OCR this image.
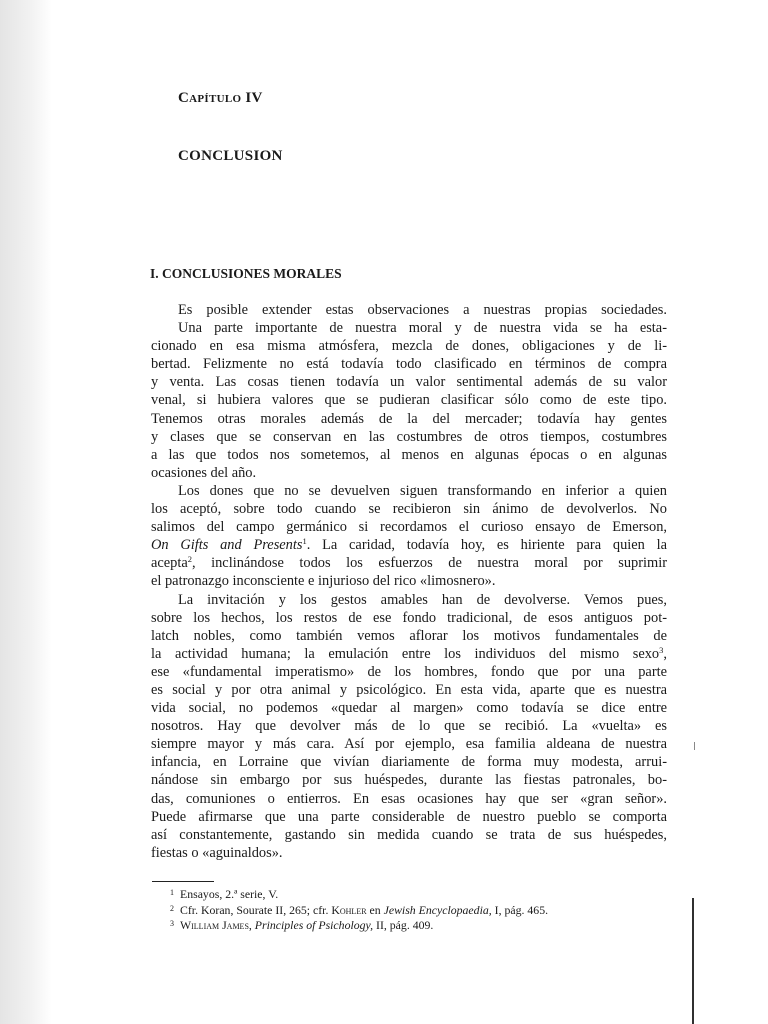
Capítulo IV
CONCLUSION
I. CONCLUSIONES MORALES
Es posible extender estas observaciones a nuestras propias sociedades.
Una parte importante de nuestra moral y de nuestra vida se ha esta-
cionado en esa misma atmósfera, mezcla de dones, obligaciones y de li-
bertad. Felizmente no está todavía todo clasificado en términos de compra
y venta. Las cosas tienen todavía un valor sentimental además de su valor
venal, si hubiera valores que se pudieran clasificar sólo como de este tipo.
Tenemos otras morales además de la del mercader; todavía hay gentes
y clases que se conservan en las costumbres de otros tiempos, costumbres
a las que todos nos sometemos, al menos en algunas épocas o en algunas
ocasiones del año.
Los dones que no se devuelven siguen transformando en inferior a quien
los aceptó, sobre todo cuando se recibieron sin ánimo de devolverlos. No
salimos del campo germánico si recordamos el curioso ensayo de Emerson,
On Gifts and Presents$^1$. La caridad, todavía hoy, es hiriente para quien la
acepta$^2$, inclinándose todos los esfuerzos de nuestra moral por suprimir
el patronazgo inconsciente e injurioso del rico «limosnero».
La invitación y los gestos amables han de devolverse. Vemos pues,
sobre los hechos, los restos de ese fondo tradicional, de esos antiguos pot-
latch nobles, como también vemos aflorar los motivos fundamentales de
la actividad humana; la emulación entre los individuos del mismo sexo$^3$,
ese «fundamental imperatismo» de los hombres, fondo que por una parte
es social y por otra animal y psicológico. En esta vida, aparte que es nuestra
vida social, no podemos «quedar al margen» como todavía se dice entre
nosotros. Hay que devolver más de lo que se recibió. La «vuelta» es
siempre mayor y más cara. Así por ejemplo, esa familia aldeana de nuestra
infancia, en Lorraine que vivían diariamente de forma muy modesta, arrui-
nándose sin embargo por sus huéspedes, durante las fiestas patronales, bo-
das, comuniones o entierros. En esas ocasiones hay que ser «gran señor».
Puede afirmarse que una parte considerable de nuestro pueblo se comporta
así constantemente, gastando sin medida cuando se trata de sus huéspedes,
fiestas o «aguinaldos».
$^1$ Ensayos, 2.ª serie, V.
$^2$ Cfr. Koran, Sourate II, 265; cfr. Kohler en Jewish Encyclopaedia, I, pág. 465.
$^3$ William James, Principles of Psichology, II, pág. 409.
